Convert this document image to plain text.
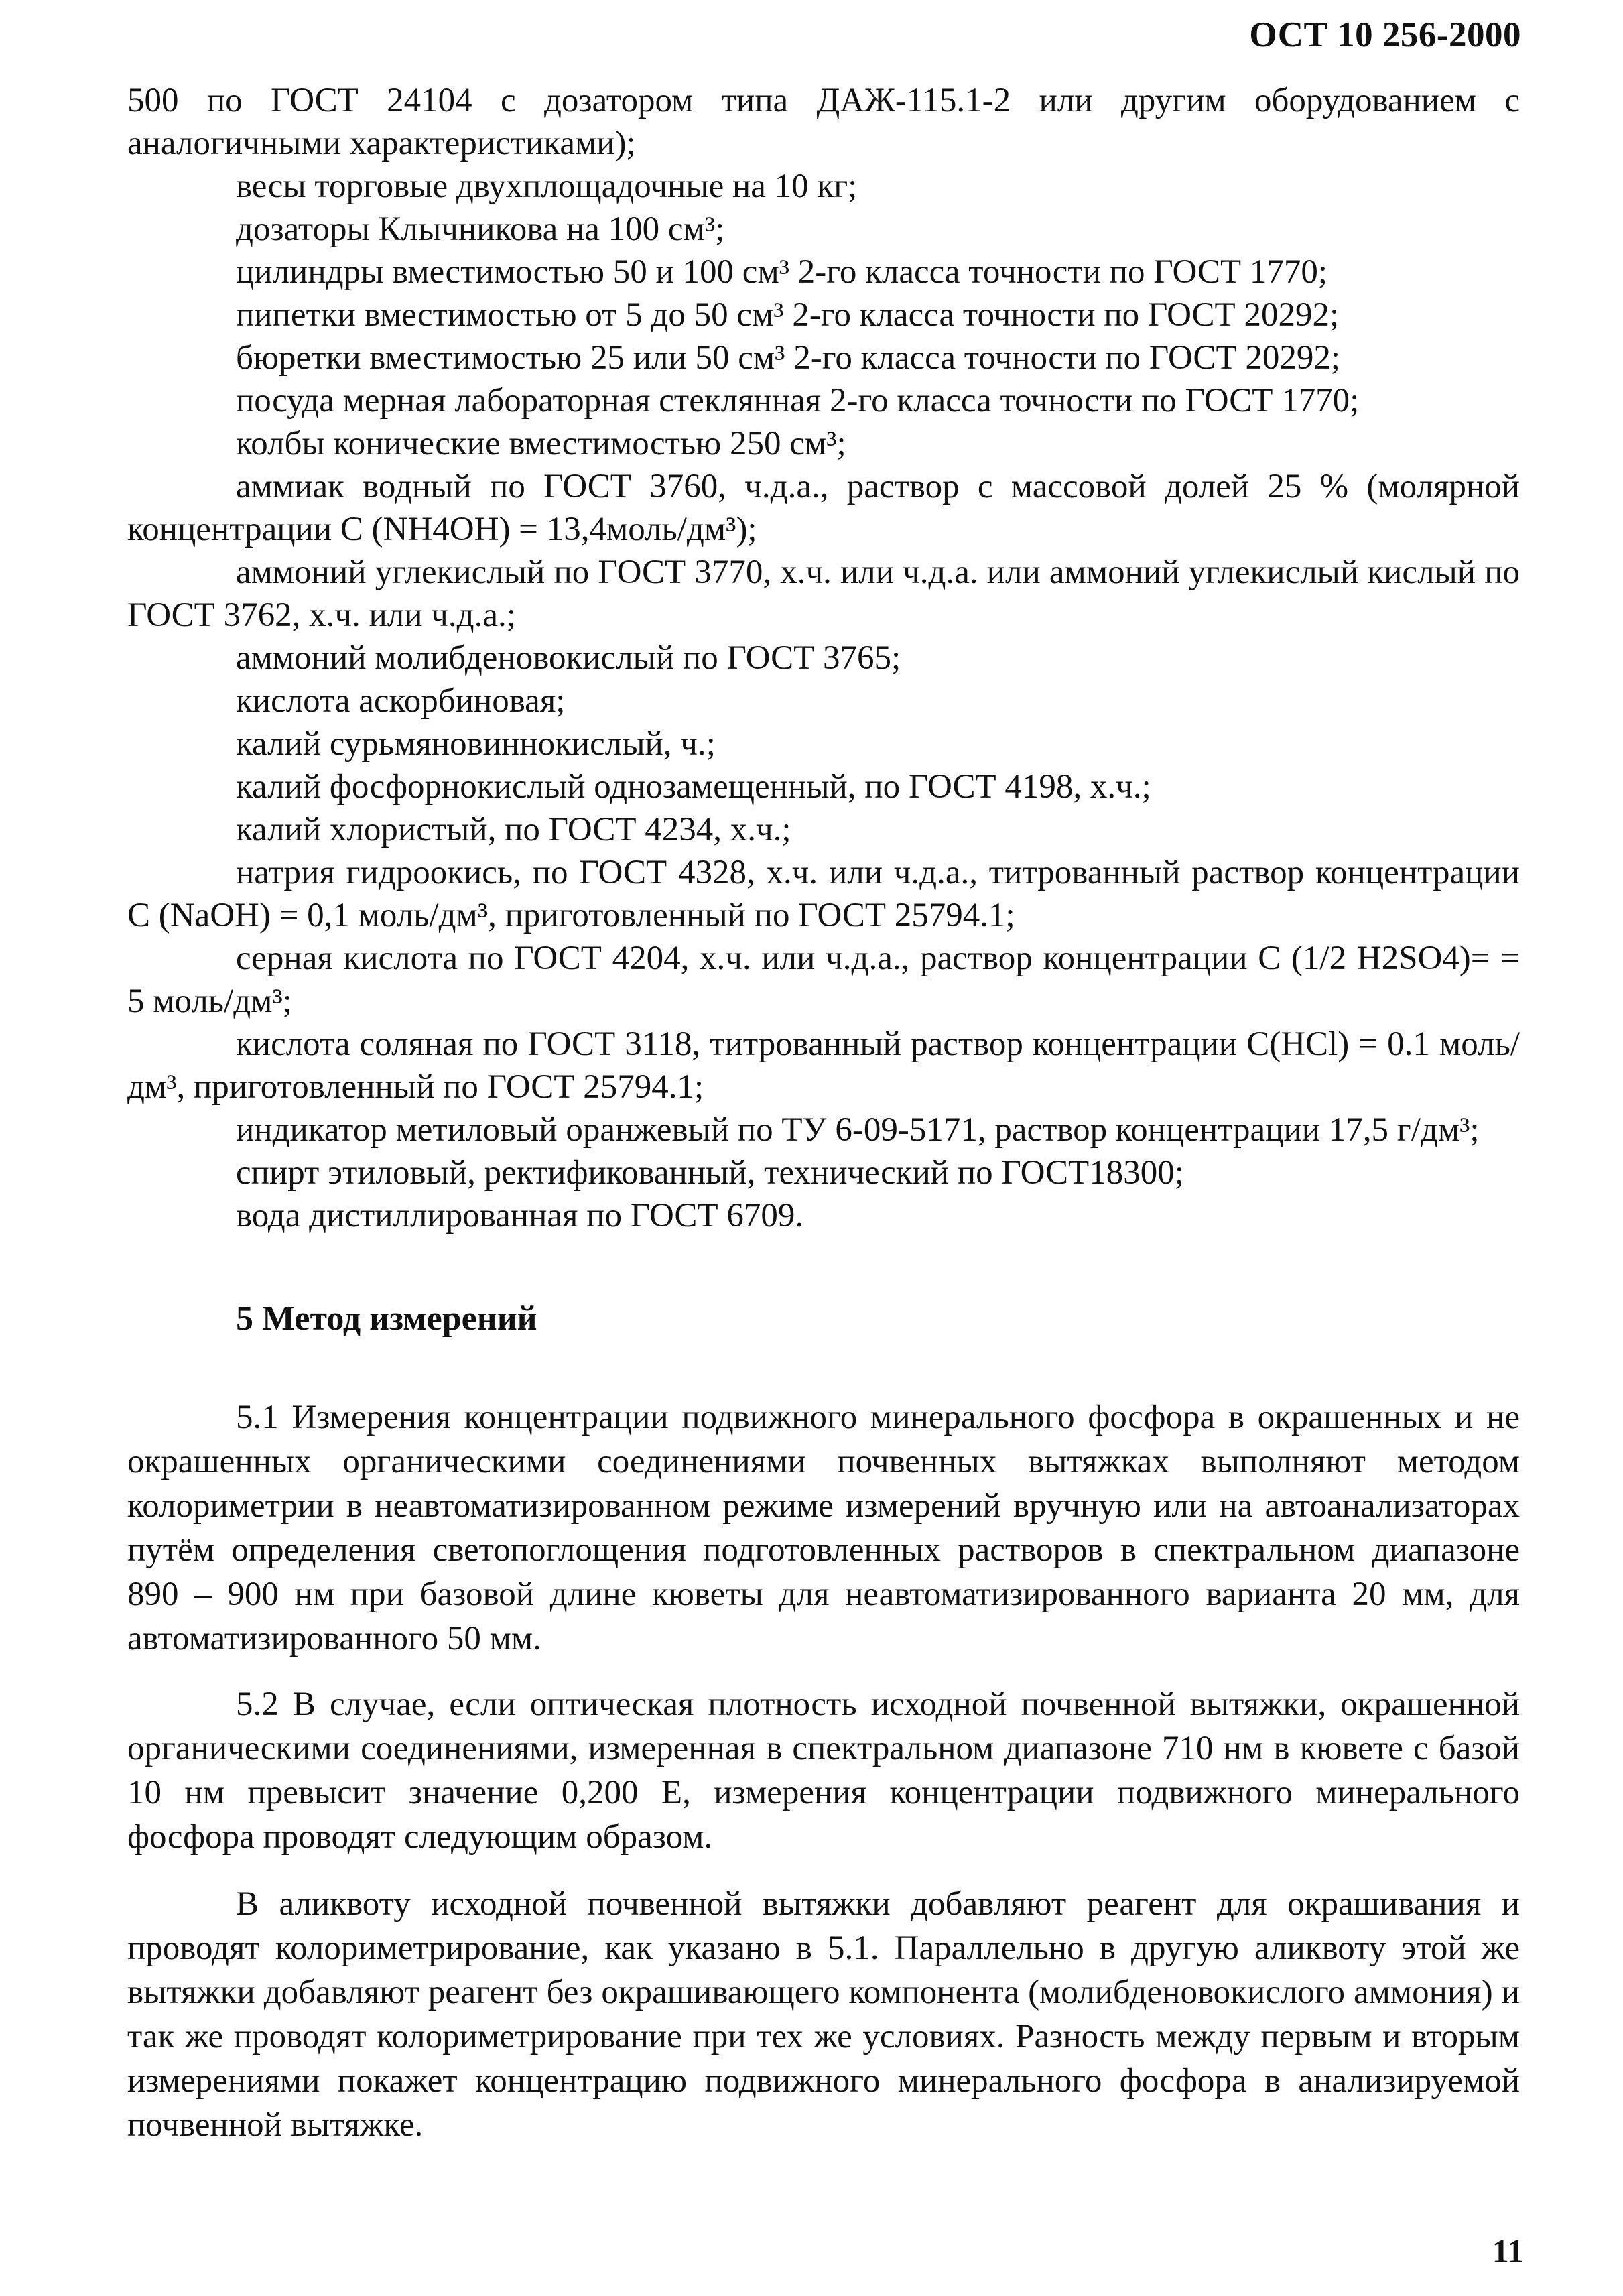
ОСТ 10 256-2000

500 по ГОСТ 24104 с дозатором типа ДАЖ-115.1-2 или другим оборудованием с аналогичными характеристиками);

весы торговые двухплощадочные на 10 кг;

дозаторы Клычникова на 100 см³;

цилиндры вместимостью 50 и 100 см³ 2-го класса точности по ГОСТ 1770;

пипетки вместимостью от 5 до 50 см³ 2-го класса точности по ГОСТ 20292;

бюретки вместимостью 25 или 50 см³ 2-го класса точности по ГОСТ 20292;

посуда мерная лабораторная стеклянная 2-го класса точности по ГОСТ 1770;

колбы конические вместимостью 250 см³;

аммиак водный по ГОСТ 3760, ч.д.а., раствор с массовой долей 25 % (молярной концентрации С (NH4OH) = 13,4моль/дм³);

аммоний углекислый по ГОСТ 3770, х.ч. или ч.д.а. или аммоний углекислый кислый по ГОСТ 3762, х.ч. или ч.д.а.;

аммоний молибденовокислый по ГОСТ 3765;

кислота аскорбиновая;

калий сурьмяновиннокислый, ч.;

калий фосфорнокислый однозамещенный, по ГОСТ 4198, х.ч.;

калий хлористый, по ГОСТ 4234, х.ч.;

натрия гидроокись, по ГОСТ 4328, х.ч. или ч.д.а., титрованный раствор концентрации С (NaOH) = 0,1 моль/дм³, приготовленный по ГОСТ 25794.1;

серная кислота по ГОСТ 4204, х.ч. или ч.д.а., раствор концентрации С (1/2 H2SO4)= = 5 моль/дм³;

кислота соляная по ГОСТ 3118, титрованный раствор концентрации С(HCl) = 0.1 моль/дм³, приготовленный по ГОСТ 25794.1;

индикатор метиловый оранжевый по ТУ 6-09-5171, раствор концентрации 17,5 г/дм³;

спирт этиловый, ректификованный, технический по ГОСТ18300;

вода дистиллированная по ГОСТ 6709.

5 Метод измерений

5.1 Измерения концентрации подвижного минерального фосфора в окрашенных и не окрашенных органическими соединениями почвенных вытяжках выполняют методом колориметрии в неавтоматизированном режиме измерений вручную или на автоанализаторах путём определения светопоглощения подготовленных растворов в спектральном диапазоне 890 – 900 нм при базовой длине кюветы для неавтоматизированного варианта 20 мм, для автоматизированного 50 мм.

5.2 В случае, если оптическая плотность исходной почвенной вытяжки, окрашенной органическими соединениями, измеренная в спектральном диапазоне 710 нм в кювете с базой 10 нм превысит значение 0,200 E, измерения концентрации подвижного минерального фосфора проводят следующим образом.

В аликвоту исходной почвенной вытяжки добавляют реагент для окрашивания и проводят колориметрирование, как указано в 5.1. Параллельно в другую аликвоту этой же вытяжки добавляют реагент без окрашивающего компонента (молибденовокислого аммония) и так же проводят колориметрирование при тех же условиях. Разность между первым и вторым измерениями покажет концентрацию подвижного минерального фосфора в анализируемой почвенной вытяжке.

11
